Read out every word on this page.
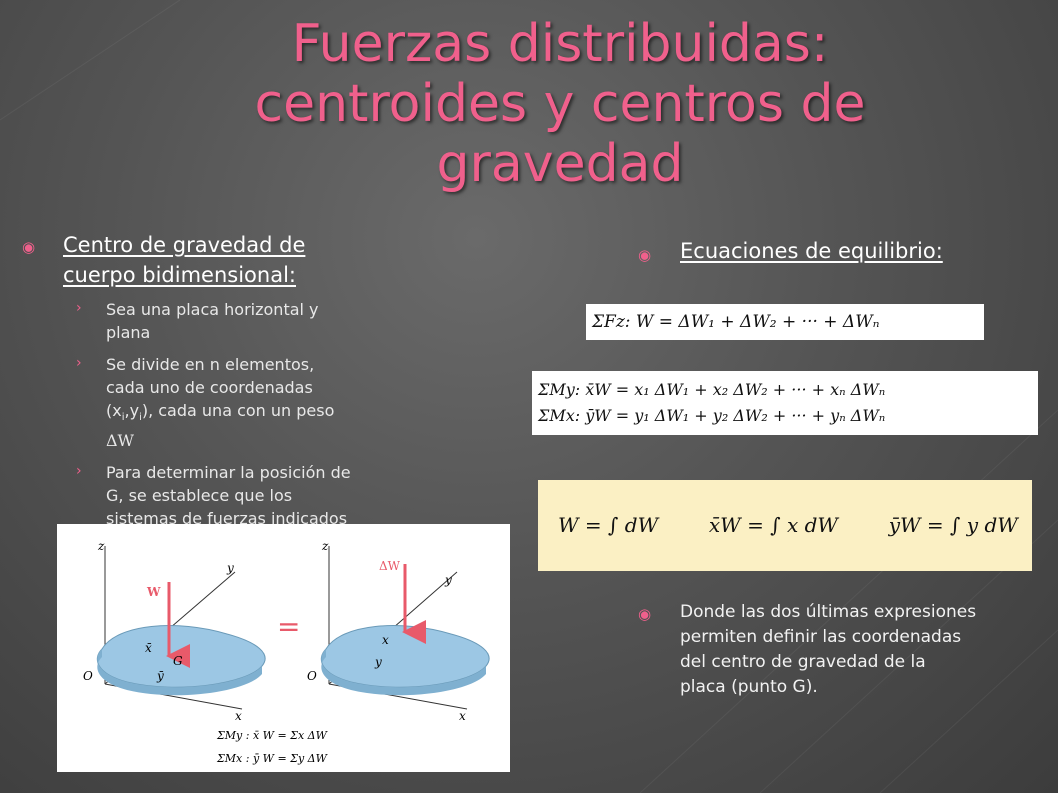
Fuerzas distribuidas:
centroides y centros de
gravedad
◉ Centro de gravedad de
cuerpo bidimensional:
› Sea una placa horizontal y
plana
› Se divide en n elementos,
cada uno de coordenadas
$(x_i,y_i)$, cada una con un peso
ΔW
› Para determinar la posición de
G, se establece que los
sistemas de fuerzas indicados
z
y
x
W
G
O
x̄
ȳ
=
z
y
x
ΔW
O
x
y
ΣMy : x̄ W = Σx ΔW
ΣMx : ȳ W = Σy ΔW
◉ Ecuaciones de equilibrio:
ΣFz: W = ΔW₁ + ΔW₂ + ··· + ΔWₙ
ΣMy: x̄W = x₁ ΔW₁ + x₂ ΔW₂ + ··· + xₙ ΔWₙ
ΣMx: ȳW = y₁ ΔW₁ + y₂ ΔW₂ + ··· + yₙ ΔWₙ
W = ∫ dW	x̄W = ∫ x dW	ȳW = ∫ y dW
◉ Donde las dos últimas expresiones
permiten definir las coordenadas
del centro de gravedad de la
placa (punto G).
